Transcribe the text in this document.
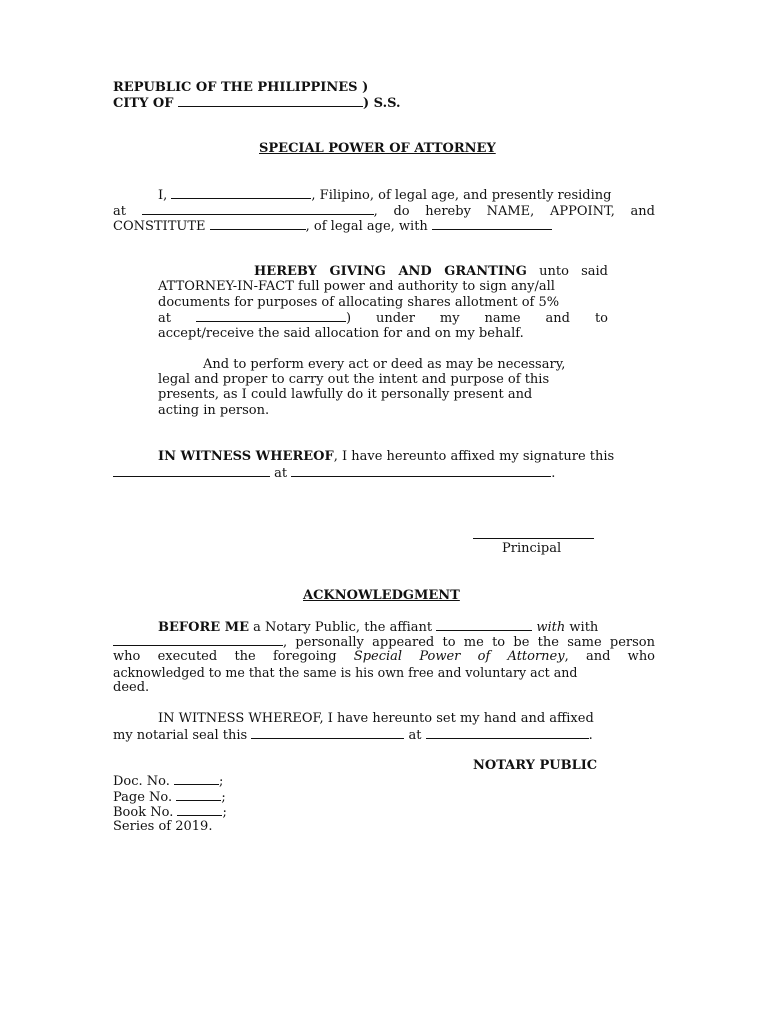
REPUBLIC OF THE PHILIPPINES )
CITY OF	) S.S.
SPECIAL POWER OF ATTORNEY
I,	, Filipino, of legal age, and presently residing
at	, do hereby NAME, APPOINT, and
CONSTITUTE	, of legal age, with
HEREBY GIVING AND GRANTING unto said
ATTORNEY-IN-FACT full power and authority to sign any/all
documents for purposes of allocating shares allotment of 5%
at	) under my name and to
accept/receive the said allocation for and on my behalf.
And to perform every act or deed as may be necessary,
legal and proper to carry out the intent and purpose of this
presents, as I could lawfully do it personally present and
acting in person.
IN WITNESS WHEREOF, I have hereunto affixed my signature this
at	.
Principal
ACKNOWLEDGMENT
BEFORE ME a Notary Public, the affiant	with with
, personally appeared to me to be the same person
who executed the foregoing Special Power of Attorney, and who
acknowledged to me that the same is his own free and voluntary act and
deed.
IN WITNESS WHEREOF, I have hereunto set my hand and affixed
my notarial seal this	at	.
NOTARY PUBLIC
Doc. No.	;
Page No.	;
Book No.	;
Series of 2019.
